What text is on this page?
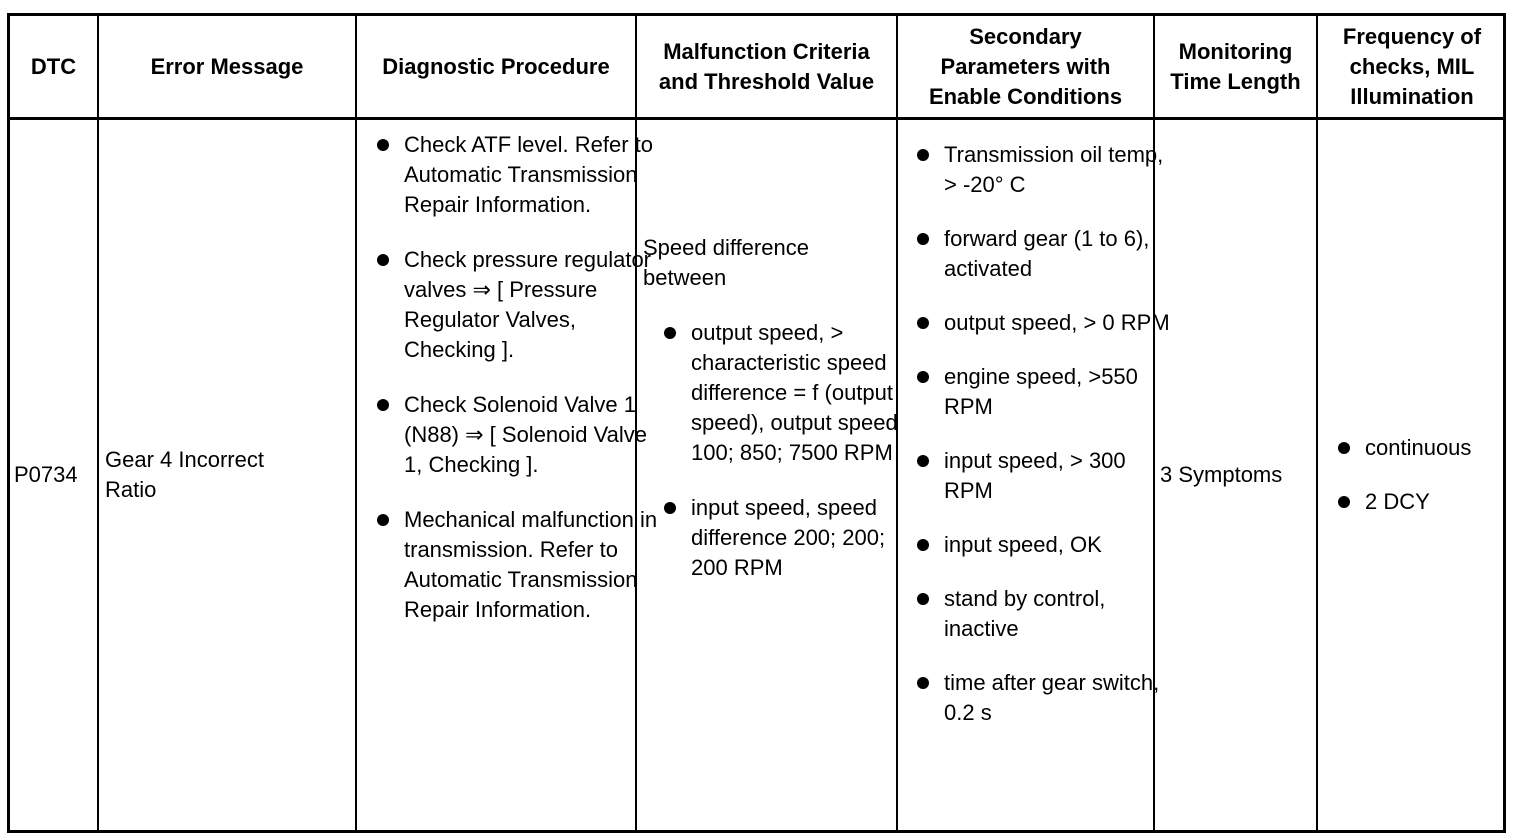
DTC	Error Message	Diagnostic Procedure
Malfunction Criteria and Threshold Value
Secondary Parameters with Enable Conditions
Monitoring Time Length
Frequency of checks, MIL Illumination
P0734
Gear 4 Incorrect Ratio
Check ATF level. Refer to Automatic Transmission Repair Information.
Check pressure regulator valves ⇒ [ Pressure Regulator Valves, Checking ].
Check Solenoid Valve 1 (N88) ⇒ [ Solenoid Valve 1, Checking ].
Mechanical malfunction in transmission. Refer to Automatic Transmission Repair Information.
Speed difference between
output speed, > characteristic speed difference = f (output speed), output speed 100; 850; 7500 RPM
input speed, speed difference 200; 200; 200 RPM
Transmission oil temp, > -20° C
forward gear (1 to 6), activated
output speed, > 0 RPM
engine speed, >550 RPM
input speed, > 300 RPM
input speed, OK
stand by control, inactive
time after gear switch, 0.2 s
3 Symptoms
continuous
2 DCY
